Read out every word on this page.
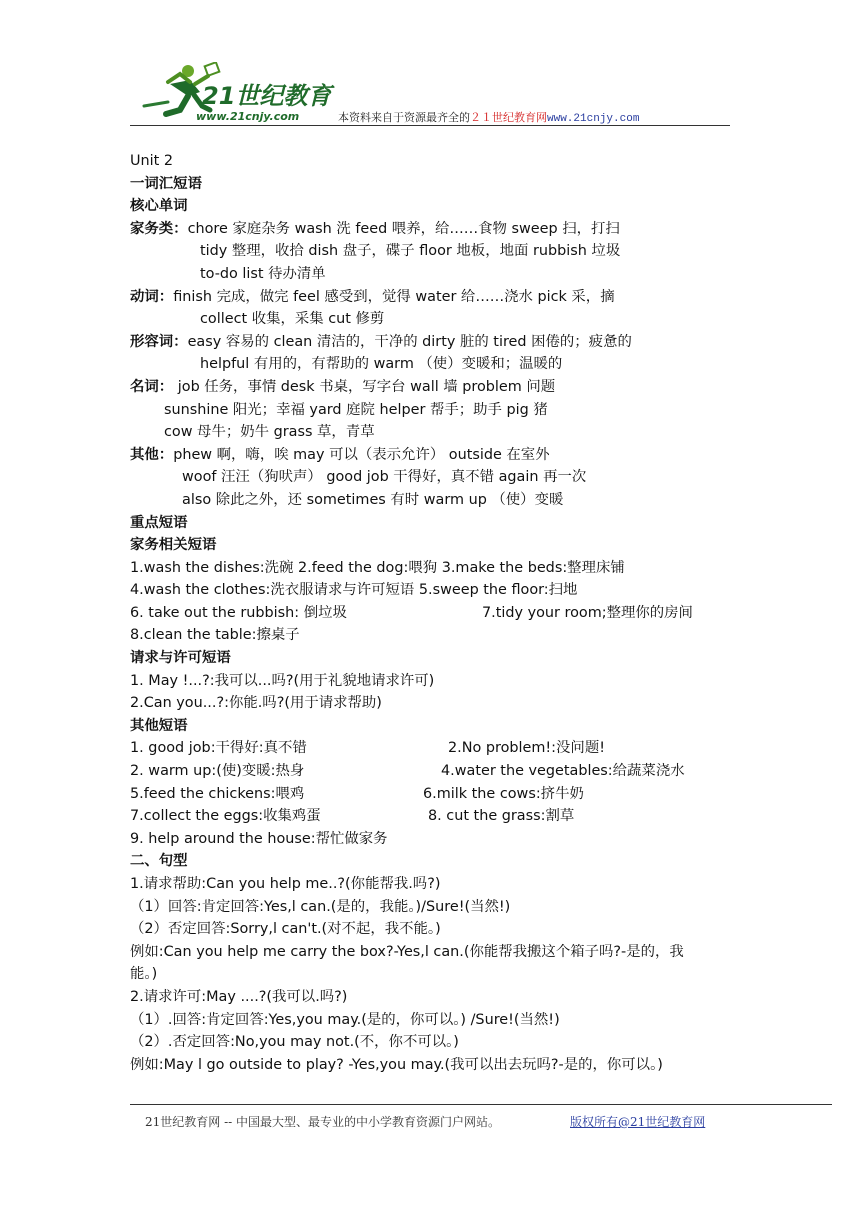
21世纪教育
www.21cnjy.com	本资料来自于资源最齐全的２１世纪教育网www.21cnjy.com
Unit 2
一词汇短语
核心单词
家务类：chore 家庭杂务 wash 洗 feed 喂养，给……食物 sweep 扫，打扫
tidy 整理，收拾 dish 盘子，碟子 floor 地板，地面 rubbish 垃圾
to-do list 待办清单
动词：finish 完成，做完 feel 感受到，觉得 water 给……浇水 pick 采，摘
collect 收集，采集 cut 修剪
形容词：easy 容易的 clean 清洁的，干净的 dirty 脏的 tired 困倦的；疲惫的
helpful 有用的，有帮助的 warm （使）变暖和；温暖的
名词： job 任务，事情 desk 书桌，写字台 wall 墙 problem 问题
sunshine 阳光；幸福 yard 庭院 helper 帮手；助手 pig 猪
cow 母牛；奶牛 grass 草，青草
其他：phew 啊，嗨，唉 may 可以（表示允许） outside 在室外
woof 汪汪（狗吠声） good job 干得好，真不错 again 再一次
also 除此之外，还 sometimes 有时 warm up （使）变暖
重点短语
家务相关短语
1.wash the dishes:洗碗 2.feed the dog:喂狗 3.make the beds:整理床铺
4.wash the clothes:洗衣服请求与许可短语 5.sweep the floor:扫地
6. take out the rubbish: 倒垃圾	7.tidy your room;整理你的房间
8.clean the table:擦桌子
请求与许可短语
1. May !...?:我可以...吗?(用于礼貌地请求许可)
2.Can you...?:你能.吗?(用于请求帮助)
其他短语
1. good job:干得好:真不错	2.No problem!:没问题!
2. warm up:(使)变暖:热身	4.water the vegetables:给蔬菜浇水
5.feed the chickens:喂鸡	6.milk the cows:挤牛奶
7.collect the eggs:收集鸡蛋	8. cut the grass:割草
9. help around the house:帮忙做家务
二、句型
1.请求帮助:Can you help me..?(你能帮我.吗?)
（1）回答:肯定回答:Yes,l can.(是的，我能。)/Sure!(当然!)
（2）否定回答:Sorry,l can't.(对不起，我不能。)
例如:Can you help me carry the box?-Yes,l can.(你能帮我搬这个箱子吗?-是的，我
能。)
2.请求许可:May ....?(我可以.吗?)
（1）.回答:肯定回答:Yes,you may.(是的，你可以。) /Sure!(当然!)
（2）.否定回答:No,you may not.(不，你不可以。)
例如:May l go outside to play? -Yes,you may.(我可以出去玩吗?-是的，你可以。)
21世纪教育网 -- 中国最大型、最专业的中小学教育资源门户网站。	版权所有@21世纪教育网
